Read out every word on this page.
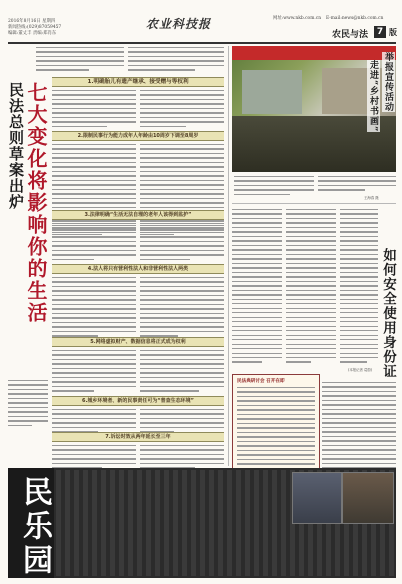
2016年8月16日 星期四
新闻热线:(029)87059457
编辑:董丈丰 责编:郑肖东
农业科技报	网址:www.nkb.com.cn E-mail:news@nkb.com.cn
农民与法 7 版
民法总则草案出炉 七大变化将影响你的生活	1.明确胎儿有遗产继承、接受赠与等权利
2.限制民事行为能力成年人年龄由10周岁下调至8周岁
3.法律明确“生活无法自理的老年人该得到监护”
4.法人将只有营利性法人和非营利性法人两类
5.网络虚拟财产、数据信息将正式成为权利
6.城乡环境者、新的民事责任可为“普查生态环境”
7.诉讼时效从两年延长至三年
举报宣传活动
走进“乡村书画”
王海春 摄
如何安全使用身份证
(本报记者 葛蔚)
民法典研讨会 召开在即
民乐园
